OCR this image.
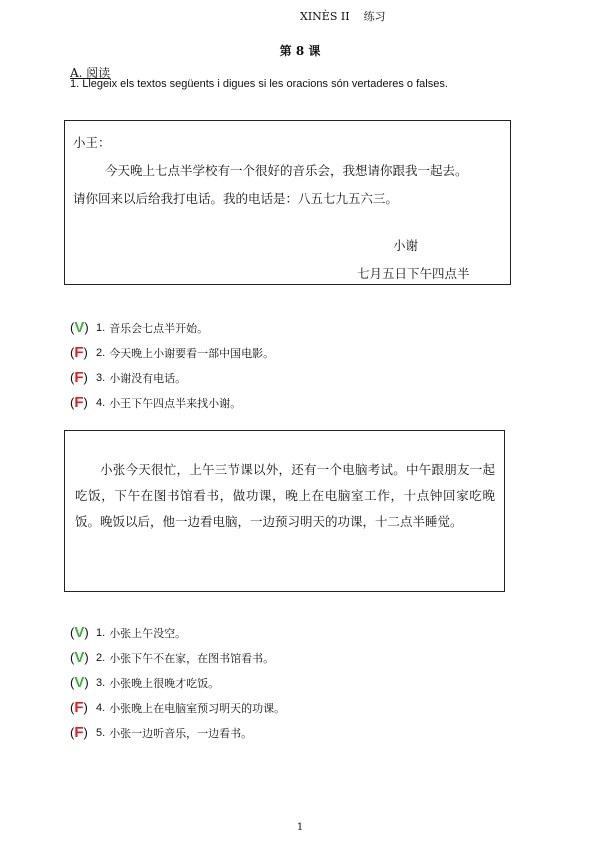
XINÈS II 练习
第 8 课
A. 阅读
1. Llegeix els textos següents i digues si les oracions són vertaderes o falses.
小王：
今天晚上七点半学校有一个很好的音乐会，我想请你跟我一起去。
请你回来以后给我打电话。我的电话是：八五七九五六三。
小谢
七月五日下午四点半
(V) 1. 音乐会七点半开始。
(F) 2. 今天晚上小谢要看一部中国电影。
(F) 3. 小谢没有电话。
(F) 4. 小王下午四点半来找小谢。
小张今天很忙，上午三节课以外，还有一个电脑考试。中午跟朋友一起吃饭，下午在图书馆看书，做功课，晚上在电脑室工作，十点钟回家吃晚饭。晚饭以后，他一边看电脑，一边预习明天的功课，十二点半睡觉。
(V) 1. 小张上午没空。
(V) 2. 小张下午不在家，在图书馆看书。
(V) 3. 小张晚上很晚才吃饭。
(F) 4. 小张晚上在电脑室预习明天的功课。
(F) 5. 小张一边听音乐，一边看书。
1
